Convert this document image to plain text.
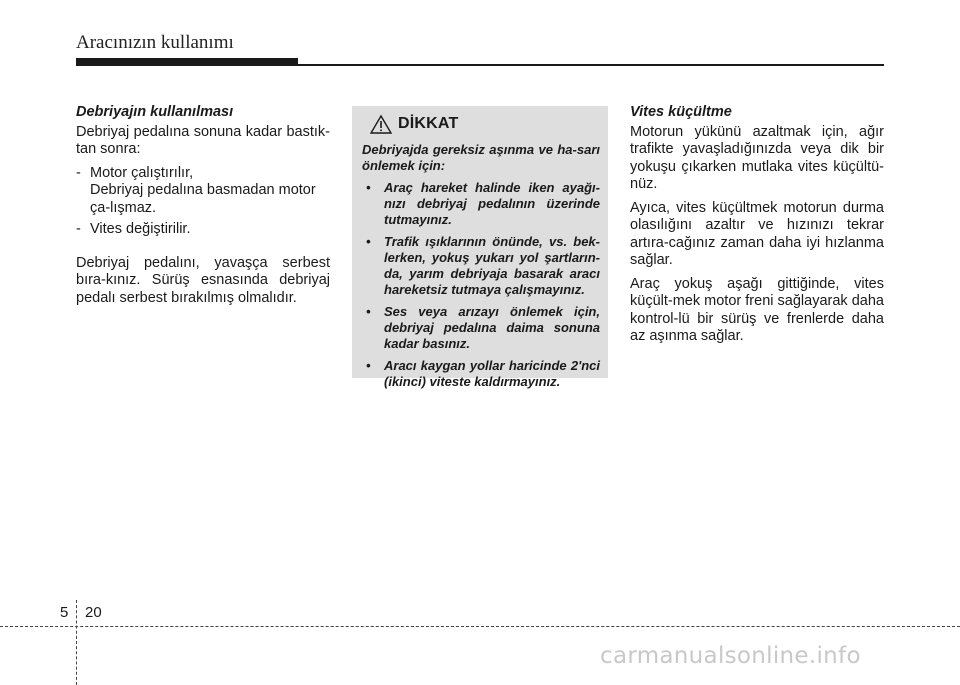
Aracınızın kullanımı
Debriyajın kullanılması

Debriyaj pedalına sonuna kadar bastık-tan sonra:

- Motor çalıştırılır,
Debriyaj pedalına basmadan motor ça-lışmaz.
- Vites değiştirilir.

Debriyaj pedalını, yavaşça serbest bıra-kınız. Sürüş esnasında debriyaj pedalı serbest bırakılmış olmalıdır.

DİKKAT
Debriyajda gereksiz aşınma ve ha-sarı önlemek için:
• Araç hareket halinde iken ayağı-nızı debriyaj pedalının üzerinde tutmayınız.
• Trafik ışıklarının önünde, vs. bek-lerken, yokuş yukarı yol şartların-da, yarım debriyaja basarak aracı hareketsiz tutmaya çalışmayınız.
• Ses veya arızayı önlemek için, debriyaj pedalına daima sonuna kadar basınız.
• Aracı kaygan yollar haricinde 2'nci (ikinci) viteste kaldırmayınız.
Vites küçültme

Motorun yükünü azaltmak için, ağır trafikte yavaşladığınızda veya dik bir yokuşu çıkarken mutlaka vites küçültü-nüz.

Ayıca, vites küçültmek motorun durma olasılığını azaltır ve hızınızı tekrar artıra-cağınız zaman daha iyi hızlanma sağlar.

Araç yokuş aşağı gittiğinde, vites küçült-mek motor freni sağlayarak daha kontrol-lü bir sürüş ve frenlerde daha az aşınma sağlar.

5 20
carmanualsonline.info
